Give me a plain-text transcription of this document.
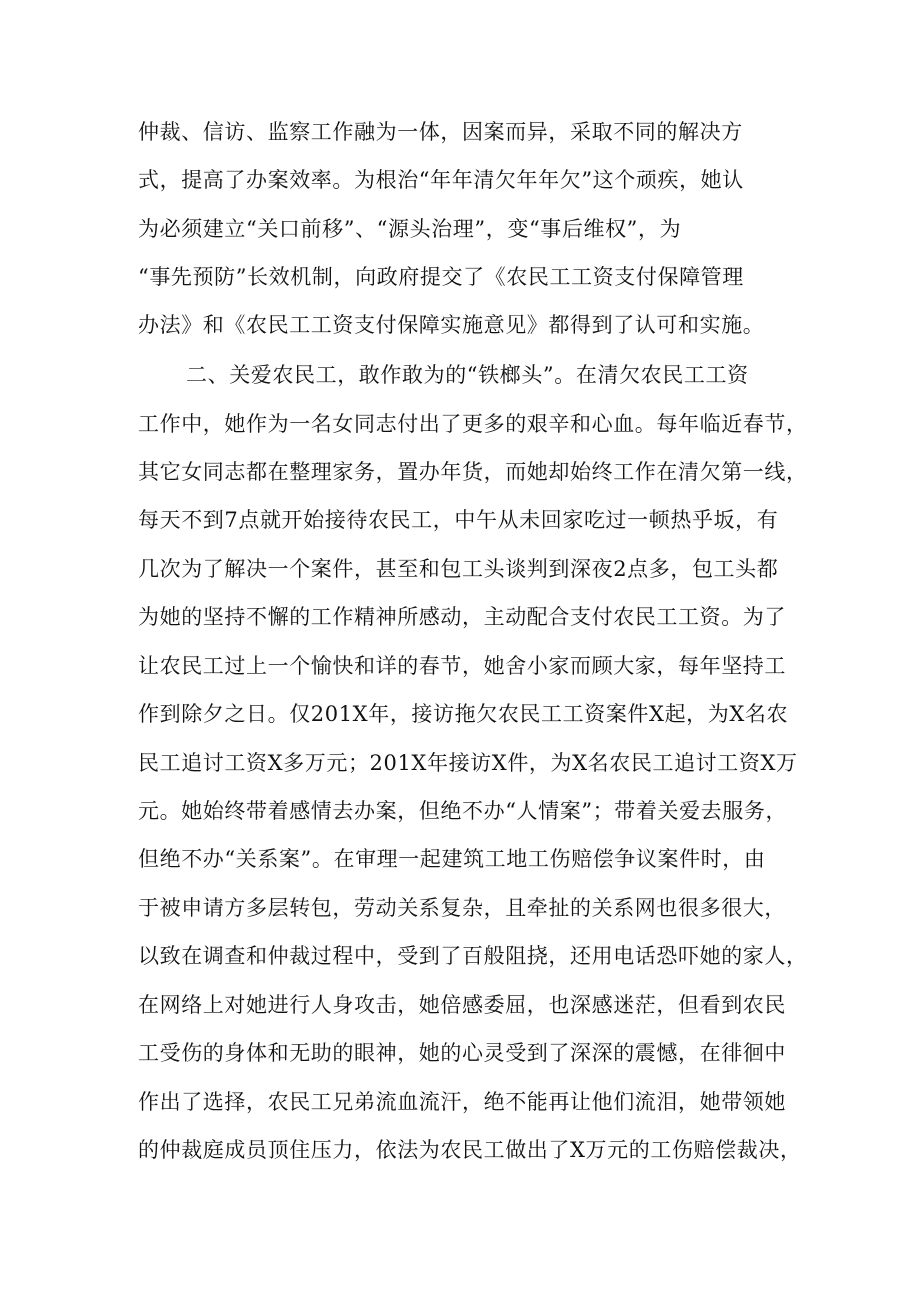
仲裁、信访、监察工作融为一体，因案而异，采取不同的解决方
式，提高了办案效率。为根治“年年清欠年年欠”这个顽疾，她认
为必须建立“关口前移”、“源头治理”，变“事后维权”，为
“事先预防”长效机制，向政府提交了《农民工工资支付保障管理
办法》和《农民工工资支付保障实施意见》都得到了认可和实施。
二、关爱农民工，敢作敢为的“铁榔头”。在清欠农民工工资
工作中，她作为一名女同志付出了更多的艰辛和心血。每年临近春节，
其它女同志都在整理家务，置办年货，而她却始终工作在清欠第一线，
每天不到7点就开始接待农民工，中午从未回家吃过一顿热乎坂，有
几次为了解决一个案件，甚至和包工头谈判到深夜2点多，包工头都
为她的坚持不懈的工作精神所感动，主动配合支付农民工工资。为了
让农民工过上一个愉快和详的春节，她舍小家而顾大家，每年坚持工
作到除夕之日。仅201X年，接访拖欠农民工工资案件X起，为X名农
民工追讨工资X多万元；201X年接访X件，为X名农民工追讨工资X万
元。她始终带着感情去办案，但绝不办“人情案”；带着关爱去服务，
但绝不办“关系案”。在审理一起建筑工地工伤赔偿争议案件时，由
于被申请方多层转包，劳动关系复杂，且牵扯的关系网也很多很大，
以致在调查和仲裁过程中，受到了百般阻挠，还用电话恐吓她的家人，
在网络上对她进行人身攻击，她倍感委屈，也深感迷茫，但看到农民
工受伤的身体和无助的眼神，她的心灵受到了深深的震憾，在徘徊中
作出了选择，农民工兄弟流血流汗，绝不能再让他们流泪，她带领她
的仲裁庭成员顶住压力，依法为农民工做出了X万元的工伤赔偿裁决，
